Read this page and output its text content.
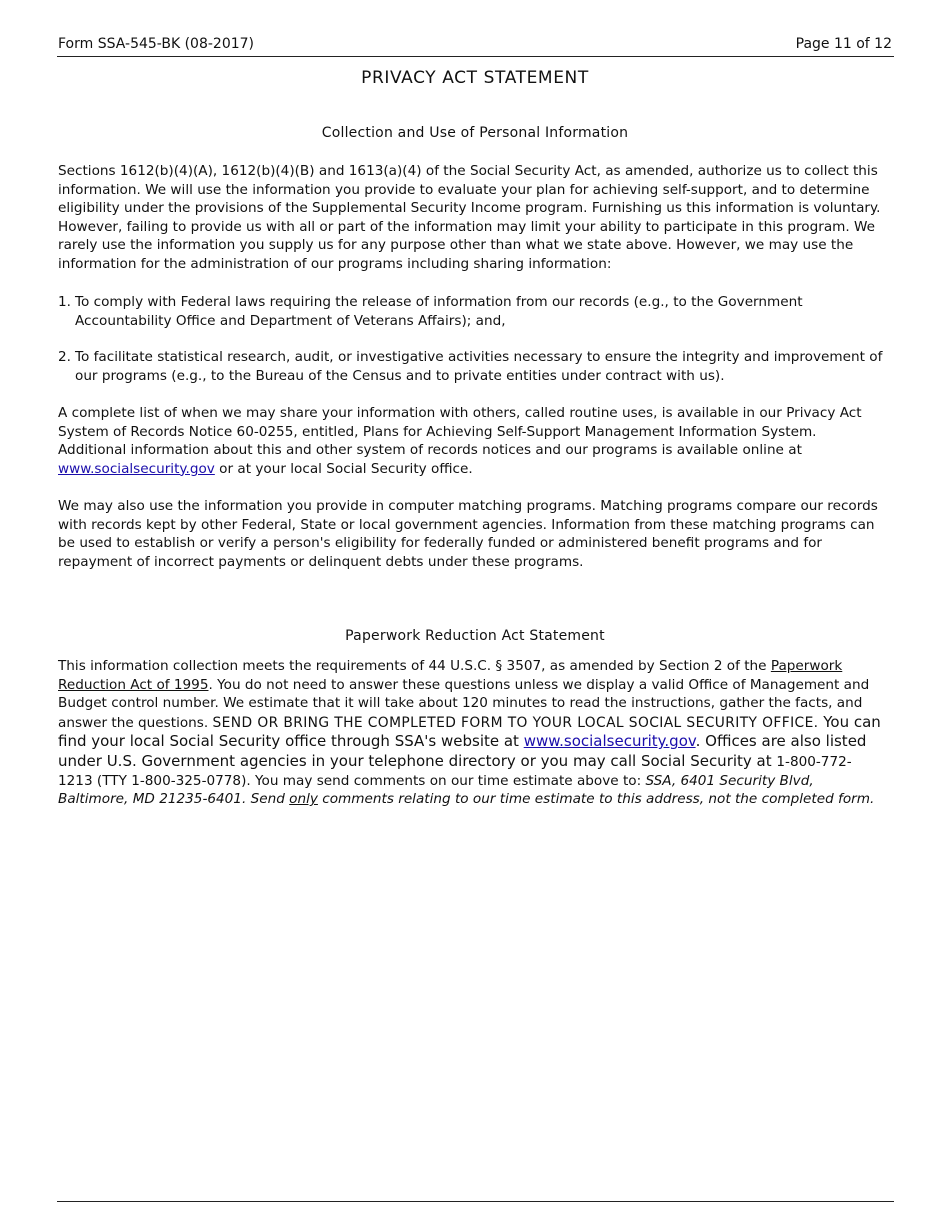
Form SSA-545-BK (08-2017)	Page 11 of 12
PRIVACY ACT STATEMENT
Collection and Use of Personal Information

Sections 1612(b)(4)(A), 1612(b)(4)(B) and 1613(a)(4) of the Social Security Act, as amended, authorize us to collect this information. We will use the information you provide to evaluate your plan for achieving self-support, and to determine eligibility under the provisions of the Supplemental Security Income program. Furnishing us this information is voluntary. However, failing to provide us with all or part of the information may limit your ability to participate in this program. We rarely use the information you supply us for any purpose other than what we state above. However, we may use the information for the administration of our programs including sharing information:

1. To comply with Federal laws requiring the release of information from our records (e.g., to the Government Accountability Office and Department of Veterans Affairs); and,
2. To facilitate statistical research, audit, or investigative activities necessary to ensure the integrity and improvement of our programs (e.g., to the Bureau of the Census and to private entities under contract with us).

A complete list of when we may share your information with others, called routine uses, is available in our Privacy Act System of Records Notice 60-0255, entitled, Plans for Achieving Self-Support Management Information System. Additional information about this and other system of records notices and our programs is available online at www.socialsecurity.gov or at your local Social Security office.

We may also use the information you provide in computer matching programs. Matching programs compare our records with records kept by other Federal, State or local government agencies. Information from these matching programs can be used to establish or verify a person's eligibility for federally funded or administered benefit programs and for repayment of incorrect payments or delinquent debts under these programs.

Paperwork Reduction Act Statement

This information collection meets the requirements of 44 U.S.C. § 3507, as amended by Section 2 of the Paperwork Reduction Act of 1995. You do not need to answer these questions unless we display a valid Office of Management and Budget control number. We estimate that it will take about 120 minutes to read the instructions, gather the facts, and answer the questions. SEND OR BRING THE COMPLETED FORM TO YOUR LOCAL SOCIAL SECURITY OFFICE. You can find your local Social Security office through SSA's website at www.socialsecurity.gov. Offices are also listed under U.S. Government agencies in your telephone directory or you may call Social Security at 1-800-772-1213 (TTY 1-800-325-0778). You may send comments on our time estimate above to: SSA, 6401 Security Blvd, Baltimore, MD 21235-6401. Send only comments relating to our time estimate to this address, not the completed form.
